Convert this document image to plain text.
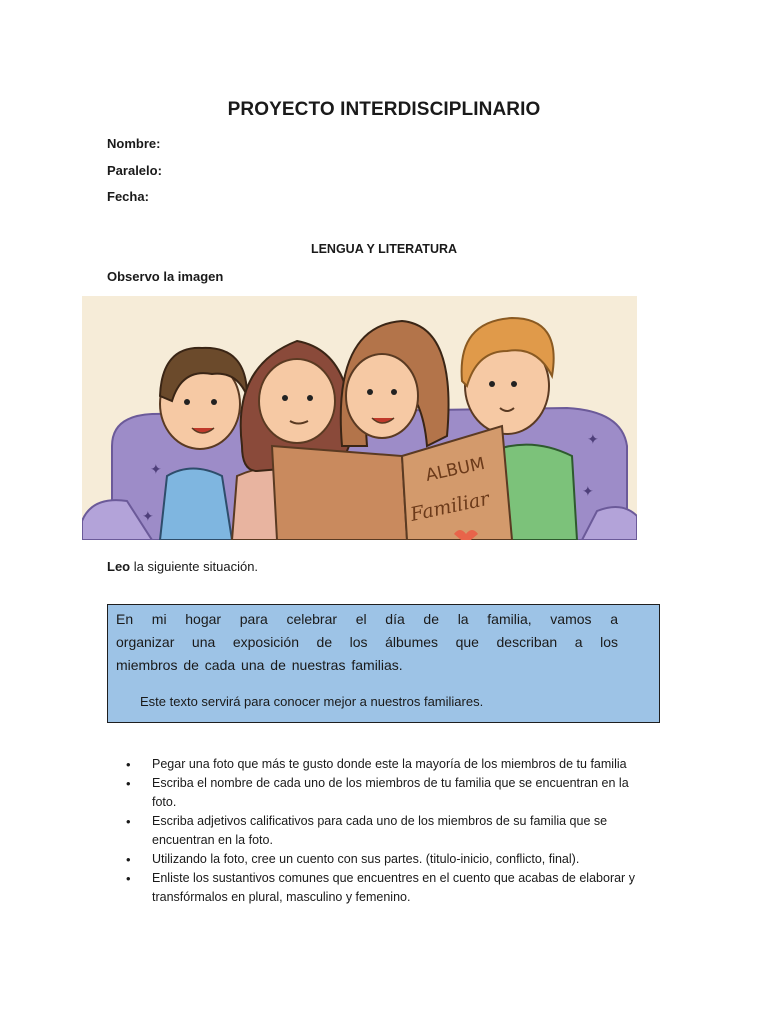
PROYECTO INTERDISCIPLINARIO
Nombre:
Paralelo:
Fecha:
LENGUA Y LITERATURA
Observo la imagen
✦
✦
✦
✦
ALBUM
Familiar
Leo la siguiente situación.
En mi hogar para celebrar el día de la familia, vamos a
organizar una exposición de los álbumes que describan a los
miembros de cada una de nuestras familias.
Este texto servirá para conocer mejor a nuestros familiares.
• Pegar una foto que más te gusto donde este la mayoría de los miembros de tu familia
• Escriba el nombre de cada uno de los miembros de tu familia que se encuentran en la foto.
• Escriba adjetivos calificativos para cada uno de los miembros de su familia que se encuentran en la foto.
• Utilizando la foto, cree un cuento con sus partes. (titulo-inicio, conflicto, final).
• Enliste los sustantivos comunes que encuentres en el cuento que acabas de elaborar y transfórmalos en plural, masculino y femenino.
